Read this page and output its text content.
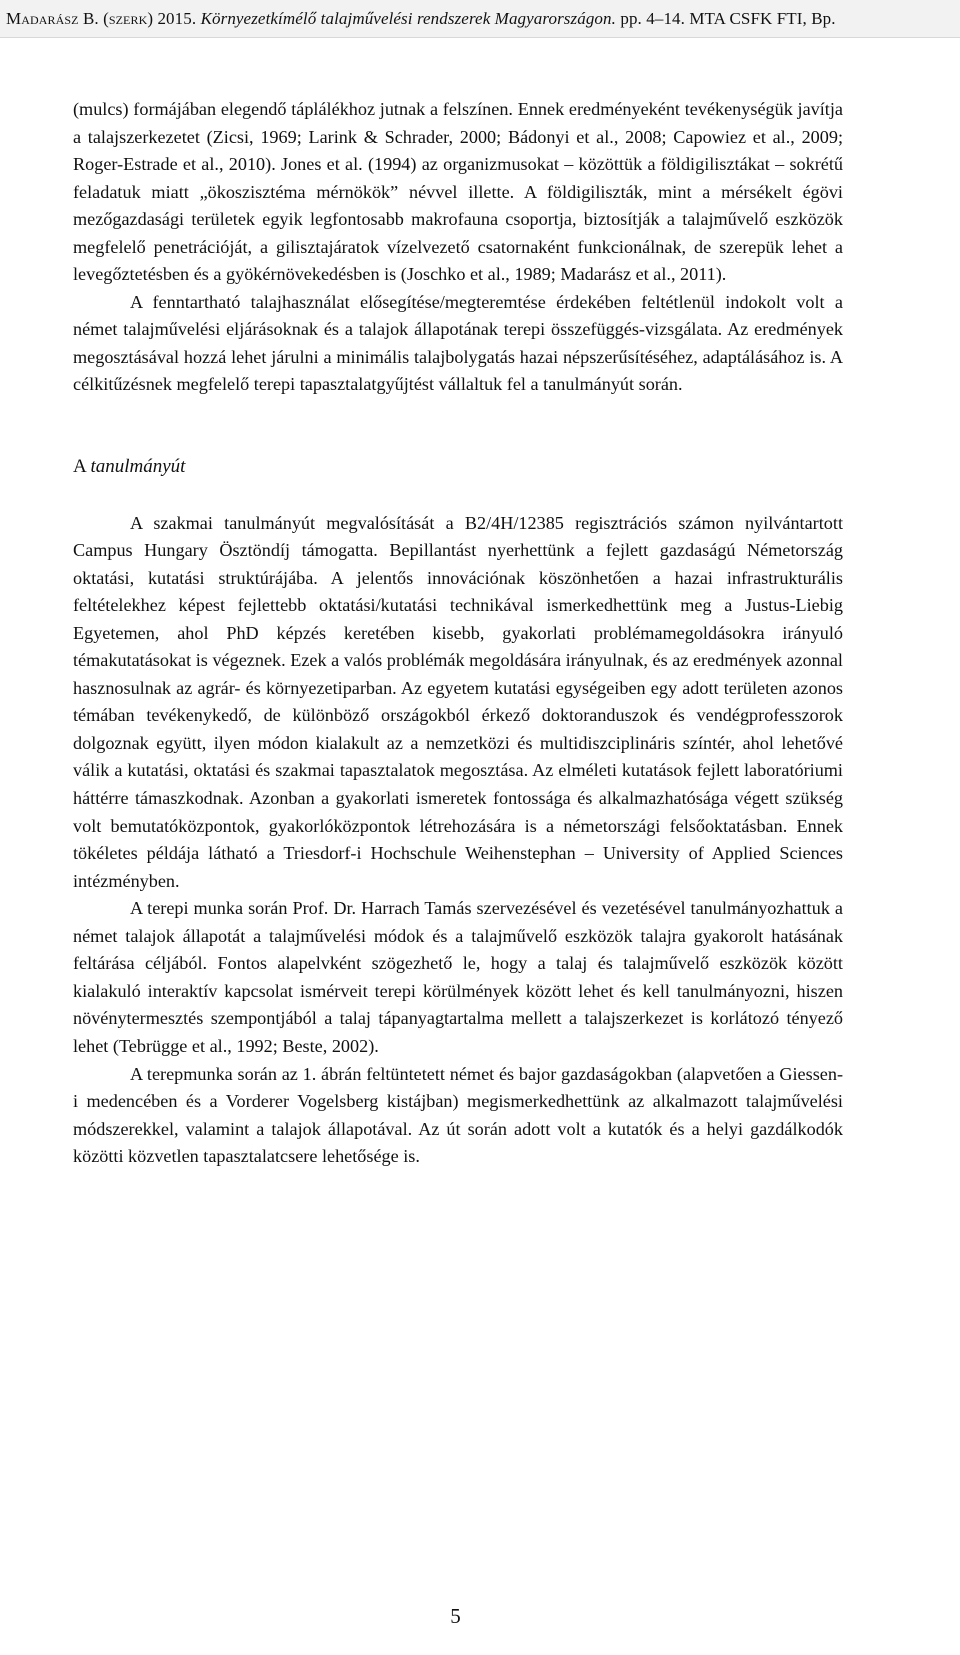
Madarász B. (szerk) 2015. Környezetkímélő talajművelési rendszerek Magyarországon. pp. 4–14. MTA CSFK FTI, Bp.

(mulcs) formájában elegendő táplálékhoz jutnak a felszínen. Ennek eredményeként tevékenységük javítja a talajszerkezetet (Zicsi, 1969; Larink & Schrader, 2000; Bádonyi et al., 2008; Capowiez et al., 2009; Roger-Estrade et al., 2010). Jones et al. (1994) az organizmusokat – közöttük a földigilisztákat – sokrétű feladatuk miatt „ökoszisztéma mérnökök” névvel illette. A földigiliszták, mint a mérsékelt égövi mezőgazdasági területek egyik legfontosabb makrofauna csoportja, biztosítják a talajművelő eszközök megfelelő penetrációját, a gilisztajáratok vízelvezető csatornaként funkcionálnak, de szerepük lehet a levegőztetésben és a gyökérnövekedésben is (Joschko et al., 1989; Madarász et al., 2011).

A fenntartható talajhasználat elősegítése/megteremtése érdekében feltétlenül indokolt volt a német talajművelési eljárásoknak és a talajok állapotának terepi összefüggés-vizsgálata. Az eredmények megosztásával hozzá lehet járulni a minimális talajbolygatás hazai népszerűsítéséhez, adaptálásához is. A célkitűzésnek megfelelő terepi tapasztalatgyűjtést vállaltuk fel a tanulmányút során.

A tanulmányút

A szakmai tanulmányút megvalósítását a B2/4H/12385 regisztrációs számon nyilvántartott Campus Hungary Ösztöndíj támogatta. Bepillantást nyerhettünk a fejlett gazdaságú Németország oktatási, kutatási struktúrájába. A jelentős innovációnak köszönhetően a hazai infrastrukturális feltételekhez képest fejlettebb oktatási/kutatási technikával ismerkedhettünk meg a Justus-Liebig Egyetemen, ahol PhD képzés keretében kisebb, gyakorlati problémamegoldásokra irányuló témakutatásokat is végeznek. Ezek a valós problémák megoldására irányulnak, és az eredmények azonnal hasznosulnak az agrár- és környezetiparban. Az egyetem kutatási egységeiben egy adott területen azonos témában tevékenykedő, de különböző országokból érkező doktoranduszok és vendégprofesszorok dolgoznak együtt, ilyen módon kialakult az a nemzetközi és multidiszciplináris színtér, ahol lehetővé válik a kutatási, oktatási és szakmai tapasztalatok megosztása. Az elméleti kutatások fejlett laboratóriumi háttérre támaszkodnak. Azonban a gyakorlati ismeretek fontossága és alkalmazhatósága végett szükség volt bemutatóközpontok, gyakorlóközpontok létrehozására is a németországi felsőoktatásban. Ennek tökéletes példája látható a Triesdorf-i Hochschule Weihenstephan – University of Applied Sciences intézményben.

A terepi munka során Prof. Dr. Harrach Tamás szervezésével és vezetésével tanulmányozhattuk a német talajok állapotát a talajművelési módok és a talajművelő eszközök talajra gyakorolt hatásának feltárása céljából. Fontos alapelvként szögezhető le, hogy a talaj és talajművelő eszközök között kialakuló interaktív kapcsolat ismérveit terepi körülmények között lehet és kell tanulmányozni, hiszen növénytermesztés szempontjából a talaj tápanyagtartalma mellett a talajszerkezet is korlátozó tényező lehet (Tebrügge et al., 1992; Beste, 2002).

A terepmunka során az 1. ábrán feltüntetett német és bajor gazdaságokban (alapvetően a Giessen-i medencében és a Vorderer Vogelsberg kistájban) megismerkedhettünk az alkalmazott talajművelési módszerekkel, valamint a talajok állapotával. Az út során adott volt a kutatók és a helyi gazdálkodók közötti közvetlen tapasztalatcsere lehetősége is.

5
